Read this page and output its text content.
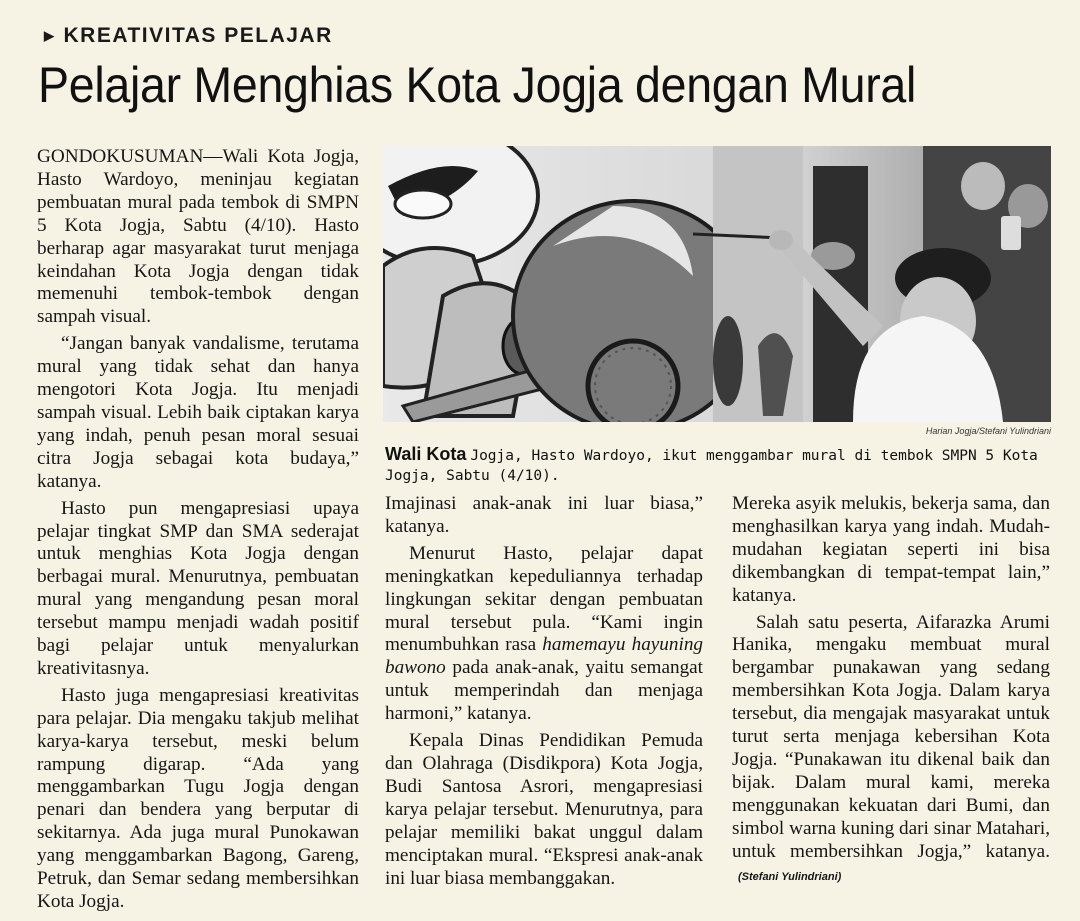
▶ KREATIVITAS PELAJAR
Pelajar Menghias Kota Jogja dengan Mural

GONDOKUSUMAN—Wali Kota Jogja, Hasto Wardoyo, meninjau kegiatan pembuatan mural pada tembok di SMPN 5 Kota Jogja, Sabtu (4/10). Hasto berharap agar masyarakat turut menjaga keindahan Kota Jogja dengan tidak memenuhi tembok-tembok dengan sampah visual.

“Jangan banyak vandalisme, terutama mural yang tidak sehat dan hanya mengotori Kota Jogja. Itu menjadi sampah visual. Lebih baik ciptakan karya yang indah, penuh pesan moral sesuai citra Jogja sebagai kota budaya,” katanya.

Hasto pun mengapresiasi upaya pelajar tingkat SMP dan SMA sederajat untuk menghias Kota Jogja dengan berbagai mural. Menurutnya, pembuatan mural yang mengandung pesan moral tersebut mampu menjadi wadah positif bagi pelajar untuk menyalurkan kreativitasnya.

Hasto juga mengapresiasi kreativitas para pelajar. Dia mengaku takjub melihat karya-karya tersebut, meski belum rampung digarap. “Ada yang menggambarkan Tugu Jogja dengan penari dan bendera yang berputar di sekitarnya. Ada juga mural Punokawan yang menggambarkan Bagong, Gareng, Petruk, dan Semar sedang membersihkan Kota Jogja.

Harian Jogja/Stefani Yulindriani
Wali Kota Jogja, Hasto Wardoyo, ikut menggambar mural di tembok SMPN 5 Kota Jogja, Sabtu (4/10).

Imajinasi anak-anak ini luar biasa,” katanya.

Menurut Hasto, pelajar dapat meningkatkan kepeduliannya terhadap lingkungan sekitar dengan pembuatan mural tersebut pula. “Kami ingin menumbuhkan rasa hamemayu hayuning bawono pada anak-anak, yaitu semangat untuk memperindah dan menjaga harmoni,” katanya.

Kepala Dinas Pendidikan Pemuda dan Olahraga (Disdikpora) Kota Jogja, Budi Santosa Asrori, mengapresiasi karya pelajar tersebut. Menurutnya, para pelajar memiliki bakat unggul dalam menciptakan mural. “Ekspresi anak-anak ini luar biasa membanggakan.

Mereka asyik melukis, bekerja sama, dan menghasilkan karya yang indah. Mudah-mudahan kegiatan seperti ini bisa dikembangkan di tempat-tempat lain,” katanya.

Salah satu peserta, Aifarazka Arumi Hanika, mengaku membuat mural bergambar punakawan yang sedang membersihkan Kota Jogja. Dalam karya tersebut, dia mengajak masyarakat untuk turut serta menjaga kebersihan Kota Jogja. “Punakawan itu dikenal baik dan bijak. Dalam mural kami, mereka menggunakan kekuatan dari Bumi, dan simbol warna kuning dari sinar Matahari, untuk membersihkan Jogja,” katanya.(Stefani Yulindriani)
